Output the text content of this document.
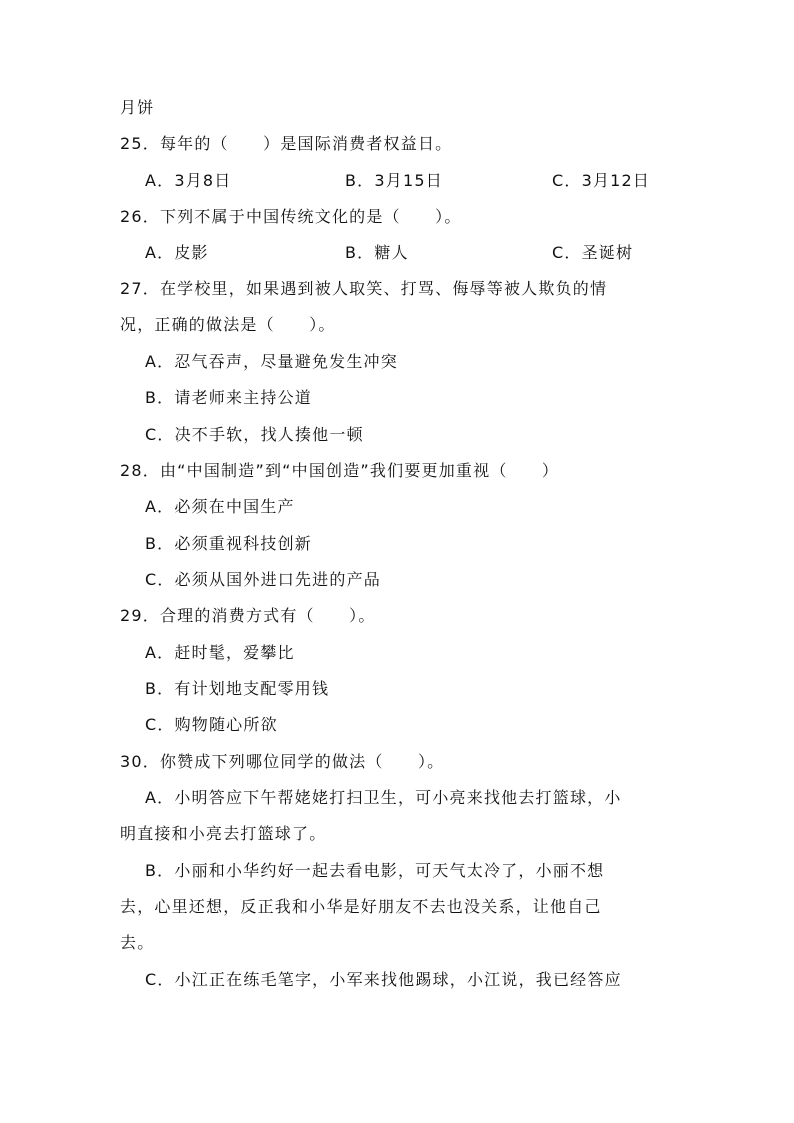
月饼
25．每年的（　　）是国际消费者权益日。
A．3月8日	B．3月15日	C．3月12日
26．下列不属于中国传统文化的是（　　）。
A．皮影	B．糖人	C．圣诞树
27．在学校里，如果遇到被人取笑、打骂、侮辱等被人欺负的情
况，正确的做法是（　　）。
A．忍气吞声，尽量避免发生冲突
B．请老师来主持公道
C．决不手软，找人揍他一顿
28．由“中国制造”到“中国创造”我们要更加重视（　　）
A．必须在中国生产
B．必须重视科技创新
C．必须从国外进口先进的产品
29．合理的消费方式有（　　）。
A．赶时髦，爱攀比
B．有计划地支配零用钱
C．购物随心所欲
30．你赞成下列哪位同学的做法（　　）。
A．小明答应下午帮姥姥打扫卫生，可小亮来找他去打篮球，小
明直接和小亮去打篮球了。
B．小丽和小华约好一起去看电影，可天气太冷了，小丽不想
去，心里还想，反正我和小华是好朋友不去也没关系，让他自己
去。
C．小江正在练毛笔字，小军来找他踢球，小江说，我已经答应
